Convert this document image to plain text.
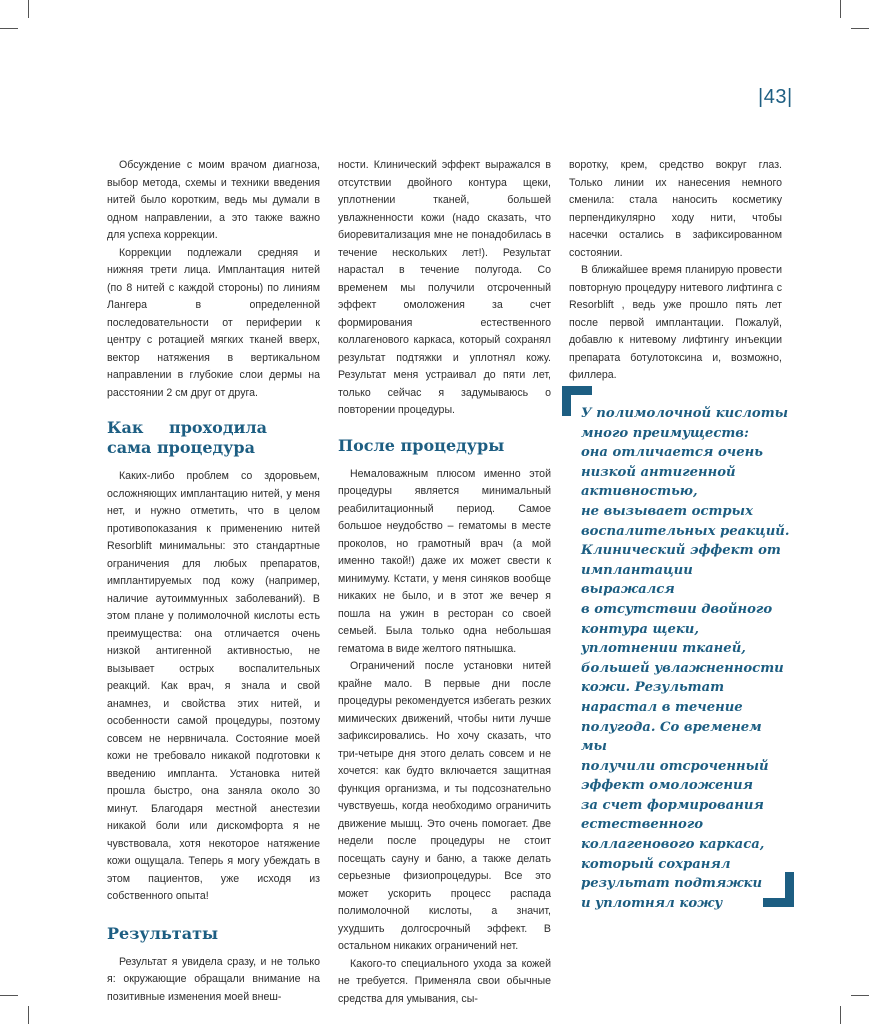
|43|

Обсуждение с моим врачом диагноза, выбор метода, схемы и техники введения нитей было коротким, ведь мы думали в одном направлении, а это также важно для успеха коррекции.

Коррекции подлежали средняя и нижняя трети лица. Имплантация нитей (по 8 нитей с каждой стороны) по линиям Лангера в определенной последовательности от периферии к центру с ротацией мягких тканей вверх, вектор натяжения в вертикальном направлении в глубокие слои дермы на расстоянии 2 см друг от друга.

Как проходила сама процедура

Каких-либо проблем со здоровьем, осложняющих имплантацию нитей, у меня нет, и нужно отметить, что в целом противопоказания к применению нитей Resorblift минимальны: это стандартные ограничения для любых препаратов, имплантируемых под кожу (например, наличие аутоиммунных заболеваний). В этом плане у полимолочной кислоты есть преимущества: она отличается очень низкой антигенной активностью, не вызывает острых воспалительных реакций. Как врач, я знала и свой анамнез, и свойства этих нитей, и особенности самой процедуры, поэтому совсем не нервничала. Состояние моей кожи не требовало никакой подготовки к введению импланта. Установка нитей прошла быстро, она заняла около 30 минут. Благодаря местной анестезии никакой боли или дискомфорта я не чувствовала, хотя некоторое натяжение кожи ощущала. Теперь я могу убеждать в этом пациентов, уже исходя из собственного опыта!

Результаты

Результат я увидела сразу, и не только я: окружающие обращали внимание на позитивные изменения моей внеш-

ности. Клинический эффект выражался в отсутствии двойного контура щеки, уплотнении тканей, большей увлажненности кожи (надо сказать, что биоревитализация мне не понадобилась в течение нескольких лет!). Результат нарастал в течение полугода. Со временем мы получили отсроченный эффект омоложения за счет формирования естественного коллагенового каркаса, который сохранял результат подтяжки и уплотнял кожу. Результат меня устраивал до пяти лет, только сейчас я задумываюсь о повторении процедуры.

После процедуры

Немаловажным плюсом именно этой процедуры является минимальный реабилитационный период. Самое большое неудобство – гематомы в месте проколов, но грамотный врач (а мой именно такой!) даже их может свести к минимуму. Кстати, у меня синяков вообще никаких не было, и в этот же вечер я пошла на ужин в ресторан со своей семьей. Была только одна небольшая гематома в виде желтого пятнышка.

Ограничений после установки нитей крайне мало. В первые дни после процедуры рекомендуется избегать резких мимических движений, чтобы нити лучше зафиксировались. Но хочу сказать, что три-четыре дня этого делать совсем и не хочется: как будто включается защитная функция организма, и ты подсознательно чувствуешь, когда необходимо ограничить движение мышц. Это очень помогает. Две недели после процедуры не стоит посещать сауну и баню, а также делать серьезные физиопроцедуры. Все это может ускорить процесс распада полимолочной кислоты, а значит, ухудшить долгосрочный эффект. В остальном никаких ограничений нет.

Какого-то специального ухода за кожей не требуется. Применяла свои обычные средства для умывания, сы-

воротку, крем, средство вокруг глаз. Только линии их нанесения немного сменила: стала наносить косметику перпендикулярно ходу нити, чтобы насечки остались в зафиксированном состоянии.

В ближайшее время планирую провести повторную процедуру нитевого лифтинга с Resorblift , ведь уже прошло пять лет после первой имплантации. Пожалуй, добавлю к нитевому лифтингу инъекции препарата ботулотоксина и, возможно, филлера.

У полимолочной кислоты
много преимуществ:
она отличается очень
низкой антигенной
активностью,
не вызывает острых
воспалительных реакций.
Клинический эффект от
имплантации выражался
в отсутствии двойного
контура щеки,
уплотнении тканей,
большей увлажненности
кожи. Результат
нарастал в течение
полугода. Со временем мы
получили отсроченный
эффект омоложения
за счет формирования
естественного
коллагенового каркаса,
который сохранял
результат подтяжки
и уплотнял кожу
